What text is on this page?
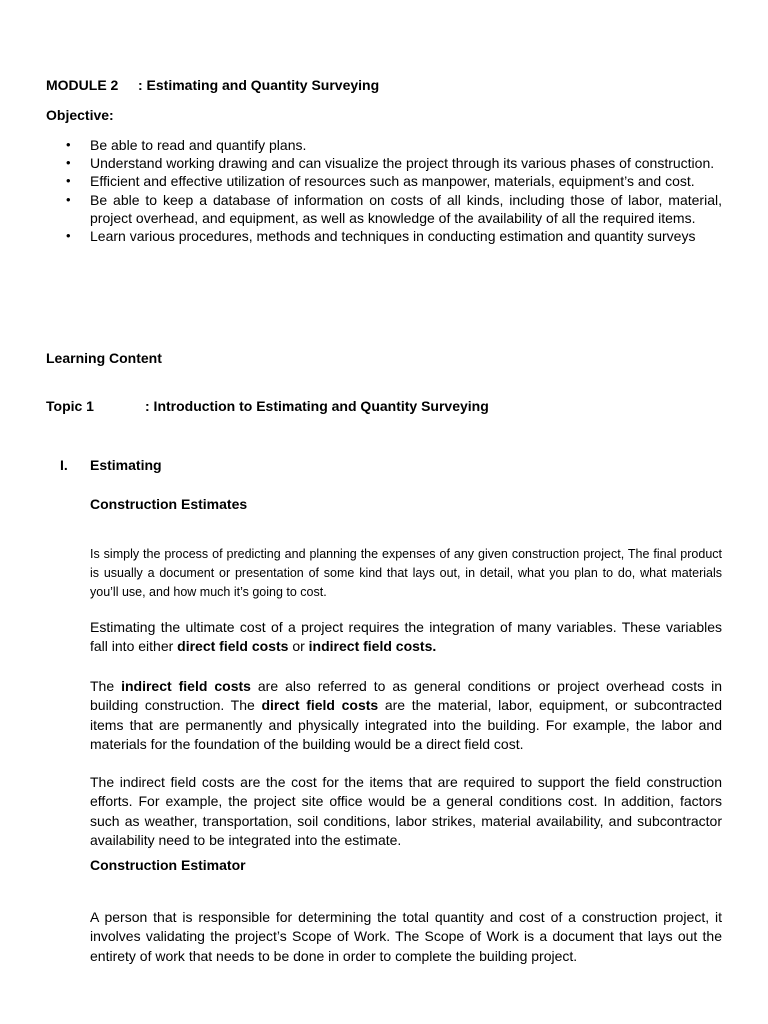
MODULE 2 : Estimating and Quantity Surveying
Objective:
• Be able to read and quantify plans.
• Understand working drawing and can visualize the project through its various phases of construction.
• Efficient and effective utilization of resources such as manpower, materials, equipment’s and cost.
• Be able to keep a database of information on costs of all kinds, including those of labor, material, project overhead, and equipment, as well as knowledge of the availability of all the required items.
• Learn various procedures, methods and techniques in conducting estimation and quantity surveys
Learning Content
Topic 1	: Introduction to Estimating and Quantity Surveying
I. Estimating
Construction Estimates

Is simply the process of predicting and planning the expenses of any given construction project, The final product is usually a document or presentation of some kind that lays out, in detail, what you plan to do, what materials you’ll use, and how much it’s going to cost.

Estimating the ultimate cost of a project requires the integration of many variables. These variables fall into either direct field costs or indirect field costs.

The indirect field costs are also referred to as general conditions or project overhead costs in building construction. The direct field costs are the material, labor, equipment, or subcontracted items that are permanently and physically integrated into the building. For example, the labor and materials for the foundation of the building would be a direct field cost.

The indirect field costs are the cost for the items that are required to support the field construction efforts. For example, the project site office would be a general conditions cost. In addition, factors such as weather, transportation, soil conditions, labor strikes, material availability, and subcontractor availability need to be integrated into the estimate.

Construction Estimator

A person that is responsible for determining the total quantity and cost of a construction project, it involves validating the project’s Scope of Work. The Scope of Work is a document that lays out the entirety of work that needs to be done in order to complete the building project.
